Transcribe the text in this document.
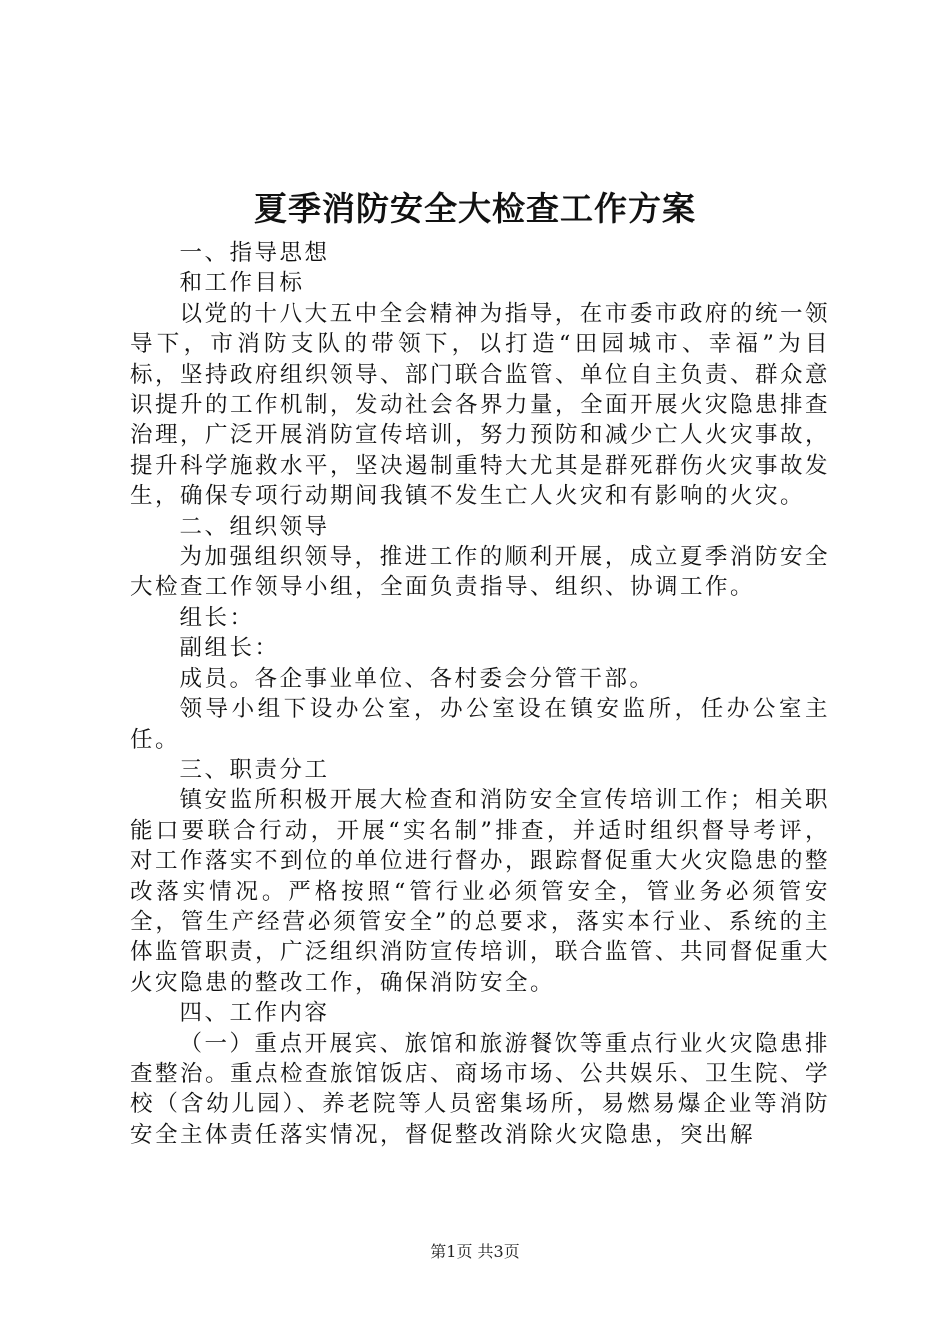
夏季消防安全大检查工作方案

一、指导思想

和工作目标

以党的十八大五中全会精神为指导，在市委市政府的统一领导下，市消防支队的带领下，以打造“田园城市、幸福”为目标，坚持政府组织领导、部门联合监管、单位自主负责、群众意识提升的工作机制，发动社会各界力量，全面开展火灾隐患排查治理，广泛开展消防宣传培训，努力预防和减少亡人火灾事故，提升科学施救水平，坚决遏制重特大尤其是群死群伤火灾事故发生，确保专项行动期间我镇不发生亡人火灾和有影响的火灾。

二、组织领导

为加强组织领导，推进工作的顺利开展，成立夏季消防安全大检查工作领导小组，全面负责指导、组织、协调工作。

组长：

副组长：

成员。各企事业单位、各村委会分管干部。

领导小组下设办公室，办公室设在镇安监所，任办公室主任。

三、职责分工

镇安监所积极开展大检查和消防安全宣传培训工作；相关职能口要联合行动，开展“实名制”排查，并适时组织督导考评，对工作落实不到位的单位进行督办，跟踪督促重大火灾隐患的整改落实情况。严格按照“管行业必须管安全，管业务必须管安全，管生产经营必须管安全”的总要求，落实本行业、系统的主体监管职责，广泛组织消防宣传培训，联合监管、共同督促重大火灾隐患的整改工作，确保消防安全。

四、工作内容

（一）重点开展宾、旅馆和旅游餐饮等重点行业火灾隐患排查整治。重点检查旅馆饭店、商场市场、公共娱乐、卫生院、学校（含幼儿园）、养老院等人员密集场所，易燃易爆企业等消防安全主体责任落实情况，督促整改消除火灾隐患，突出解

第1页 共3页
